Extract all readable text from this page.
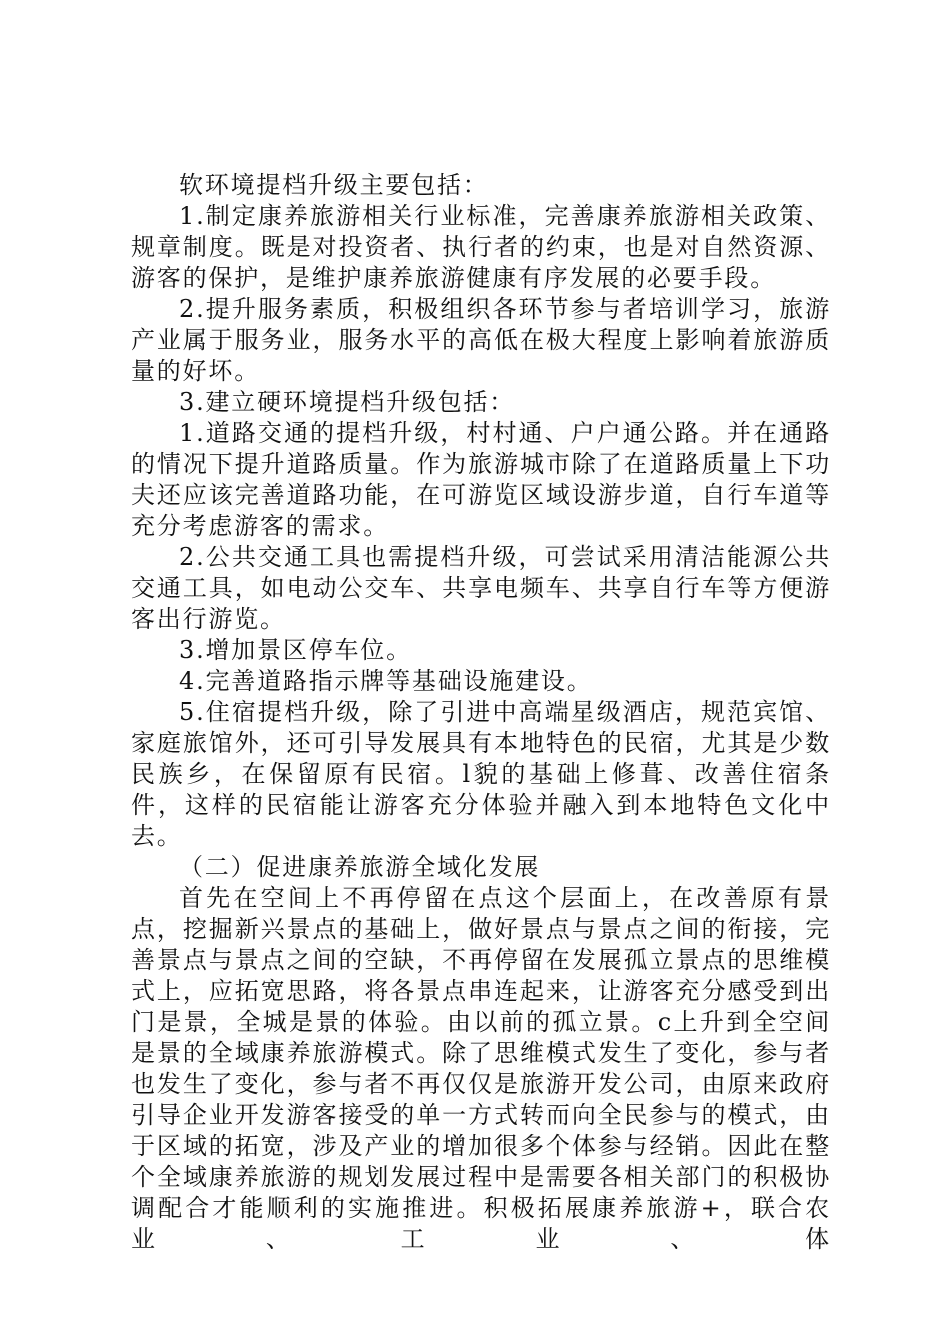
软环境提档升级主要包括：

1.制定康养旅游相关行业标准，完善康养旅游相关政策、规章制度。既是对投资者、执行者的约束，也是对自然资源、游客的保护，是维护康养旅游健康有序发展的必要手段。

2.提升服务素质，积极组织各环节参与者培训学习，旅游产业属于服务业，服务水平的高低在极大程度上影响着旅游质量的好坏。

3.建立硬环境提档升级包括：

1.道路交通的提档升级，村村通、户户通公路。并在通路的情况下提升道路质量。作为旅游城市除了在道路质量上下功夫还应该完善道路功能，在可游览区域设游步道，自行车道等充分考虑游客的需求。

2.公共交通工具也需提档升级，可尝试采用清洁能源公共交通工具，如电动公交车、共享电频车、共享自行车等方便游客出行游览。

3.增加景区停车位。

4.完善道路指示牌等基础设施建设。

5.住宿提档升级，除了引进中高端星级酒店，规范宾馆、家庭旅馆外，还可引导发展具有本地特色的民宿，尤其是少数民族乡，在保留原有民宿。l貌的基础上修葺、改善住宿条件，这样的民宿能让游客充分体验并融入到本地特色文化中去。

（二）促进康养旅游全域化发展

首先在空间上不再停留在点这个层面上，在改善原有景点，挖掘新兴景点的基础上，做好景点与景点之间的衔接，完善景点与景点之间的空缺，不再停留在发展孤立景点的思维模式上，应拓宽思路，将各景点串连起来，让游客充分感受到出门是景，全城是景的体验。由以前的孤立景。c上升到全空间是景的全域康养旅游模式。除了思维模式发生了变化，参与者也发生了变化，参与者不再仅仅是旅游开发公司，由原来政府引导企业开发游客接受的单一方式转而向全民参与的模式，由于区域的拓宽，涉及产业的增加很多个体参与经销。因此在整个全域康养旅游的规划发展过程中是需要各相关部门的积极协调配合才能顺利的实施推进。积极拓展康养旅游+，联合农业、工业、体
